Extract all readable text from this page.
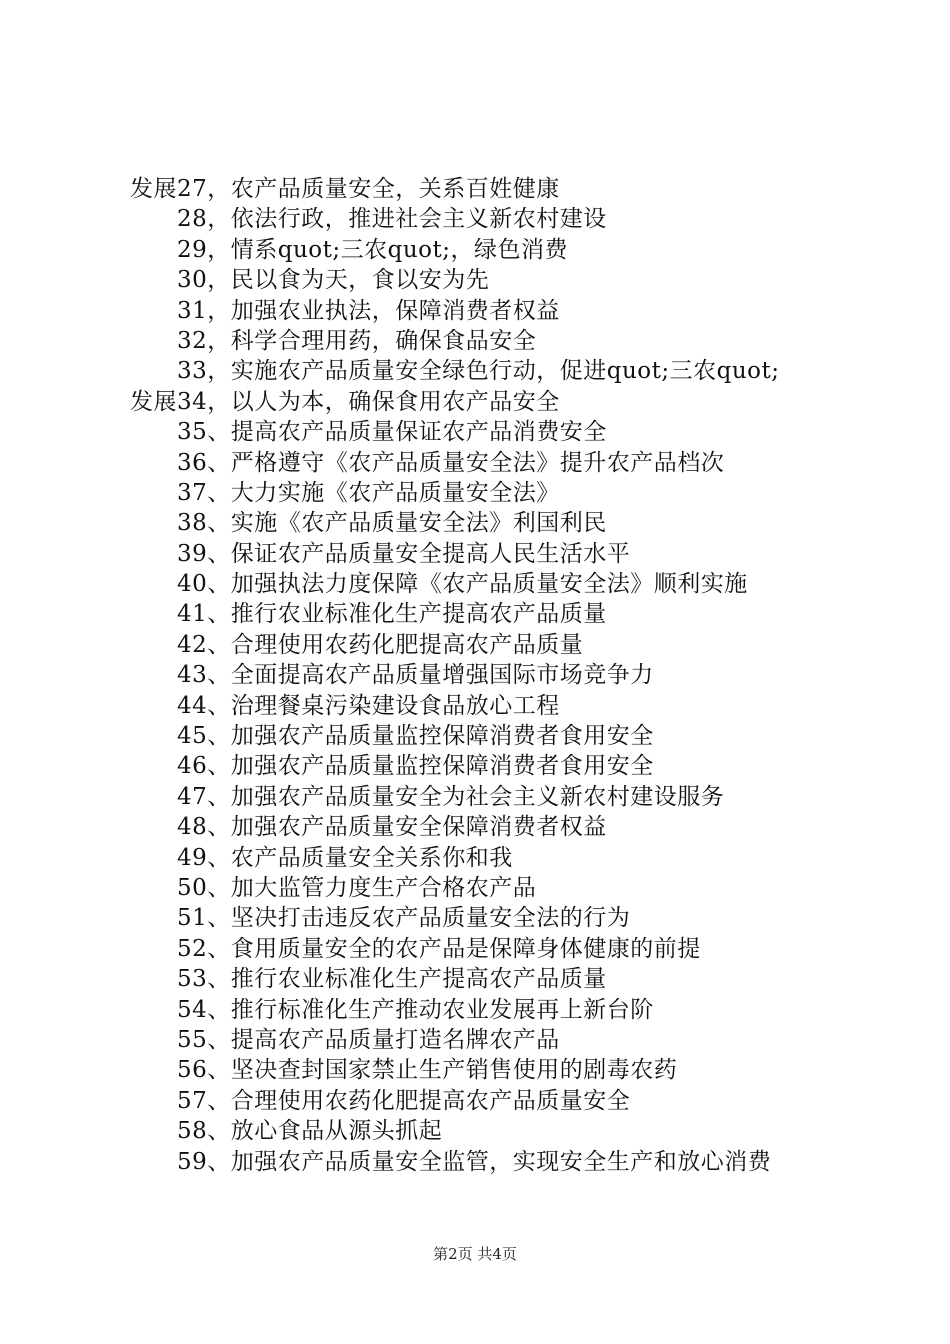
发展27，农产品质量安全，关系百姓健康
28，依法行政，推进社会主义新农村建设
29，情系quot;三农quot;，绿色消费
30，民以食为天，食以安为先
31，加强农业执法，保障消费者权益
32，科学合理用药，确保食品安全
33，实施农产品质量安全绿色行动，促进quot;三农quot;
发展34，以人为本，确保食用农产品安全
35、提高农产品质量保证农产品消费安全
36、严格遵守《农产品质量安全法》提升农产品档次
37、大力实施《农产品质量安全法》
38、实施《农产品质量安全法》利国利民
39、保证农产品质量安全提高人民生活水平
40、加强执法力度保障《农产品质量安全法》顺利实施
41、推行农业标准化生产提高农产品质量
42、合理使用农药化肥提高农产品质量
43、全面提高农产品质量增强国际市场竞争力
44、治理餐桌污染建设食品放心工程
45、加强农产品质量监控保障消费者食用安全
46、加强农产品质量监控保障消费者食用安全
47、加强农产品质量安全为社会主义新农村建设服务
48、加强农产品质量安全保障消费者权益
49、农产品质量安全关系你和我
50、加大监管力度生产合格农产品
51、坚决打击违反农产品质量安全法的行为
52、食用质量安全的农产品是保障身体健康的前提
53、推行农业标准化生产提高农产品质量
54、推行标准化生产推动农业发展再上新台阶
55、提高农产品质量打造名牌农产品
56、坚决查封国家禁止生产销售使用的剧毒农药
57、合理使用农药化肥提高农产品质量安全
58、放心食品从源头抓起
59、加强农产品质量安全监管，实现安全生产和放心消费
第2页 共4页
